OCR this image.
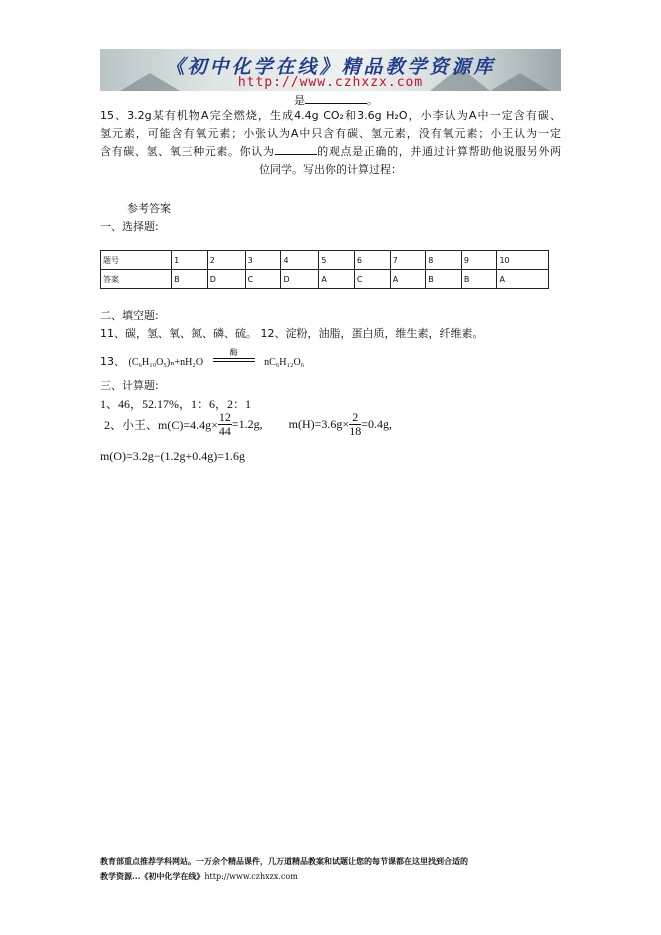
《初中化学在线》精品教学资源库
http://www.czhxzx.com
是	。

15、3.2g某有机物A完全燃烧，生成4.4g CO₂和3.6g H₂O，小李认为A中一定含有碳、

氢元素，可能含有氧元素；小张认为A中只含有碳、氢元素，没有氧元素；小王认为一定

含有碳、氢、氧三种元素。你认为	的观点是正确的，并通过计算帮助他说服另外两

位同学。写出你的计算过程：

参考答案
一、选择题:
题号	1	2	3	4	5	6	7	8	9	10
答案	B	D	C	D	A	C	A	B	B	A
二、填空题:
11、碳，氢、氧、氮、磷、硫。 12、淀粉，油脂，蛋白质，维生素，纤维素。
13、 (C₆H₁₀O₅)ₙ+nH₂O
酶
nC₆H₁₂O₆
三、计算题:
1、46，52.17%，1：6，2：1
2、小王、$m(C)=4.4g\times \frac{12}{44} =1.2g$, $m(H)=3.6g\times \frac{2}{18} =0.4g$,
m(O)=3.2g−(1.2g+0.4g)=1.6g
教育部重点推荐学科网站。一万余个精品课件，几万道精品教案和试题让您的每节课都在这里找到合适的
教学资源...《初中化学在线》http://www.czhxzx.com
